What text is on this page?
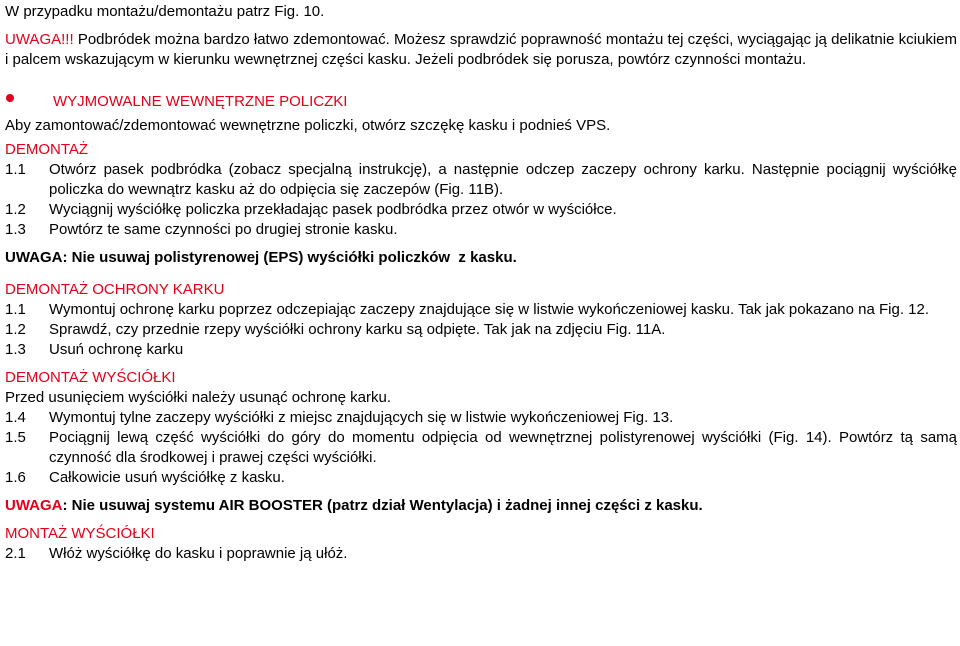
W przypadku montażu/demontażu patrz Fig. 10.

UWAGA!!! Podbródek można bardzo łatwo zdemontować. Możesz sprawdzić poprawność montażu tej części, wyciągając ją delikatnie kciukiem i palcem wskazującym w kierunku wewnętrznej części kasku. Jeżeli podbródek się porusza, powtórz czynności montażu.

WYJMOWALNE WEWNĘTRZNE POLICZKI

Aby zamontować/zdemontować wewnętrzne policzki, otwórz szczękę kasku i podnieś VPS.

DEMONTAŻ

1.1	Otwórz pasek podbródka (zobacz specjalną instrukcję), a następnie odczep zaczepy ochrony karku. Następnie pociągnij wyściółkę policzka do wewnątrz kasku aż do odpięcia się zaczepów (Fig. 11B).
1.2	Wyciągnij wyściółkę policzka przekładając pasek podbródka przez otwór w wyściółce.
1.3	Powtórz te same czynności po drugiej stronie kasku.

UWAGA: Nie usuwaj polistyrenowej (EPS) wyściółki policzków  z kasku.

DEMONTAŻ OCHRONY KARKU

1.1	Wymontuj ochronę karku poprzez odczepiając zaczepy znajdujące się w listwie wykończeniowej kasku. Tak jak pokazano na Fig. 12.
1.2	Sprawdź, czy przednie rzepy wyściółki ochrony karku są odpięte. Tak jak na zdjęciu Fig. 11A.
1.3	Usuń ochronę karku

DEMONTAŻ WYŚCIÓŁKI

Przed usunięciem wyściółki należy usunąć ochronę karku.

1.4	Wymontuj tylne zaczepy wyściółki z miejsc znajdujących się w listwie wykończeniowej Fig. 13.
1.5	Pociągnij lewą część wyściółki do góry do momentu odpięcia od wewnętrznej polistyrenowej wyściółki (Fig. 14). Powtórz tą samą czynność dla środkowej i prawej części wyściółki.
1.6	Całkowicie usuń wyściółkę z kasku.

UWAGA: Nie usuwaj systemu AIR BOOSTER (patrz dział Wentylacja) i żadnej innej części z kasku.

MONTAŻ WYŚCIÓŁKI

2.1	Włóż wyściółkę do kasku i poprawnie ją ułóż.
